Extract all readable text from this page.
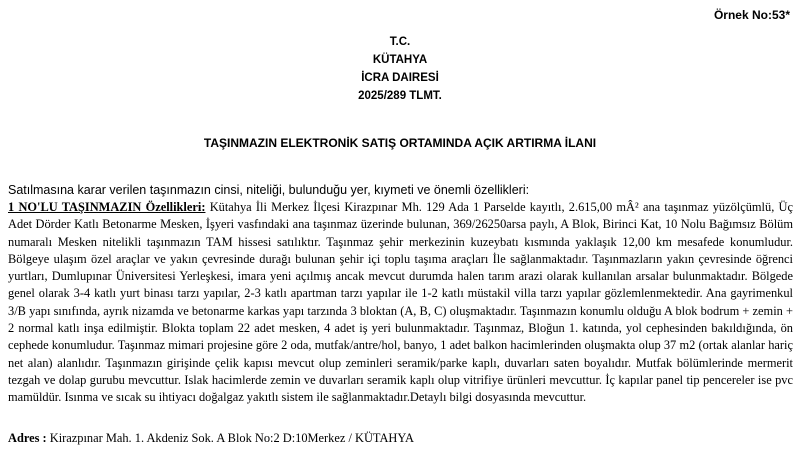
Örnek No:53*
T.C.
KÜTAHYA
İCRA DAIRESİ
2025/289 TLMT.
TAŞINMAZIN ELEKTRONİK SATIŞ ORTAMINDA AÇIK ARTIRMA İLANI
Satılmasına karar verilen taşınmazın cinsi, niteliği, bulunduğu yer, kıymeti ve önemli özellikleri:
1 NO'LU TAŞINMAZIN Özellikleri: Kütahya İli Merkez İlçesi Kirazpınar Mh. 129 Ada 1 Parselde kayıtlı, 2.615,00 mÂ² ana taşınmaz yüzölçümlü, Üç Adet Dörder Katlı Betonarme Mesken, İşyeri vasfındaki ana taşınmaz üzerinde bulunan, 369/26250arsa paylı, A Blok, Birinci Kat, 10 Nolu Bağımsız Bölüm numaralı Mesken nitelikli taşınmazın TAM hissesi satılıktır. Taşınmaz şehir merkezinin kuzeybatı kısmında yaklaşık 12,00 km mesafede konumludur. Bölgeye ulaşım özel araçlar ve yakın çevresinde durağı bulunan şehir içi toplu taşıma araçları İle sağlanmaktadır. Taşınmazların yakın çevresinde öğrenci yurtları, Dumlupınar Üniversitesi Yerleşkesi, imara yeni açılmış ancak mevcut durumda halen tarım arazi olarak kullanılan arsalar bulunmaktadır. Bölgede genel olarak 3-4 katlı yurt binası tarzı yapılar, 2-3 katlı apartman tarzı yapılar ile 1-2 katlı müstakil villa tarzı yapılar gözlemlenmektedir. Ana gayrimenkul 3/B yapı sınıfında, ayrık nizamda ve betonarme karkas yapı tarzında 3 bloktan (A, B, C) oluşmaktadır. Taşınmazın konumlu olduğu A blok bodrum + zemin + 2 normal katlı inşa edilmiştir. Blokta toplam 22 adet mesken, 4 adet iş yeri bulunmaktadır. Taşınmaz, Bloğun 1. katında, yol cephesinden bakıldığında, ön cephede konumludur. Taşınmaz mimari projesine göre 2 oda, mutfak/antre/hol, banyo, 1 adet balkon hacimlerinden oluşmakta olup 37 m2 (ortak alanlar hariç net alan) alanlıdır. Taşınmazın girişinde çelik kapısı mevcut olup zeminleri seramik/parke kaplı, duvarları saten boyalıdır. Mutfak bölümlerinde mermerit tezgah ve dolap gurubu mevcuttur. Islak hacimlerde zemin ve duvarları seramik kaplı olup vitrifiye ürünleri mevcuttur. İç kapılar panel tip pencereler ise pvc mamüldür. Isınma ve sıcak su ihtiyacı doğalgaz yakıtlı sistem ile sağlanmaktadır.Detaylı bilgi dosyasında mevcuttur.
Adres : Kirazpınar Mah. 1. Akdeniz Sok. A Blok No:2 D:10Merkez / KÜTAHYA
